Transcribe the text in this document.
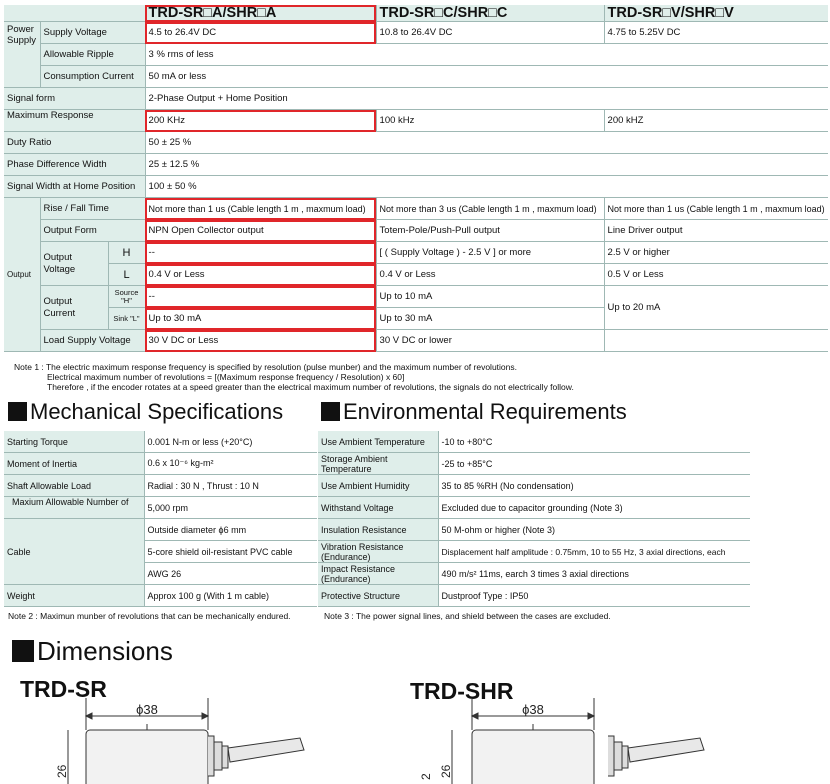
			TRD-SR□A/SHR□A	TRD-SR□C/SHR□C	TRD-SR□V/SHR□V
Power Supply	Supply Voltage		4.5 to 26.4V DC	10.8 to 26.4V DC	4.75 to 5.25V DC
	Allowable Ripple		3 % rms of less		
	Consumption Current		50 mA or less		
Signal form			2-Phase Output + Home Position		
Maximum Response			200 KHz	100 kHz	200 kHZ
Duty Ratio			50 ± 25 %		
Phase Difference Width			25 ± 12.5 %		
Signal Width at Home Position			100 ± 50 %		
Output	Rise / Fall Time		Not more than 1 us (Cable length 1 m , maxmum load)	Not more than 3 us (Cable length 1 m , maxmum load)	Not more than 1 us (Cable length 1 m , maxmum load)
	Output Form		NPN Open Collector output	Totem-Pole/Push-Pull output	Line Driver output
	Output Voltage	H	--	[ ( Supply Voltage ) - 2.5 V ] or more	2.5 V or higher
		L	0.4 V or Less	0.4 V or Less	0.5 V or Less
	Output Current	Source "H"	--	Up to 10 mA	Up to 20 mA
		Sink "L"	Up to 30 mA	Up to 30 mA	
	Load Supply Voltage		30 V DC or Less	30 V DC or lower	
Note 1 : The electric maximum response frequency is specified by resolution (pulse munber) and the maximum number of revolutions.
Electrical maximum number of revolutions = [(Maximum response frequency / Resolution) x 60]
Therefore , if the encoder rotates at a speed greater than the electrical maximum number of revolutions, the signals do not electrically follow.
Mechanical Specifications	Environmental Requirements
Starting Torque	0.001 N-m or less (+20°C)
Moment of Inertia	0.6 x 10⁻⁶ kg-m²
Shaft Allowable Load	Radial : 30 N , Thrust : 10 N
Maxium Allowable Number of	5,000 rpm
Cable	Outside diameter ϕ6 mm
	5-core shield oil-resistant PVC cable
	AWG 26
Weight	Approx 100 g (With 1 m cable)
Use Ambient Temperature	-10 to +80°C
Storage Ambient Temperature	-25 to +85°C
Use Ambient Humidity	35 to 85 %RH (No condensation)
Withstand Voltage	Excluded due to capacitor grounding (Note 3)
Insulation Resistance	50 M-ohm or higher (Note 3)
Vibration Resistance (Endurance)	Displacement half amplitude : 0.75mm, 10 to 55 Hz, 3 axial directions, each
Impact Resistance (Endurance)	490 m/s² 11ms, earch 3 times 3 axial directions
Protective Structure	Dustproof Type : IP50
Note 2 : Maximun munber of revolutions that can be mechanically endured.	Note 3 : The power signal lines, and shield between the cases are excluded.
Dimensions
TRD-SR	TRD-SHR
ϕ38
26
ϕ38
26
2
